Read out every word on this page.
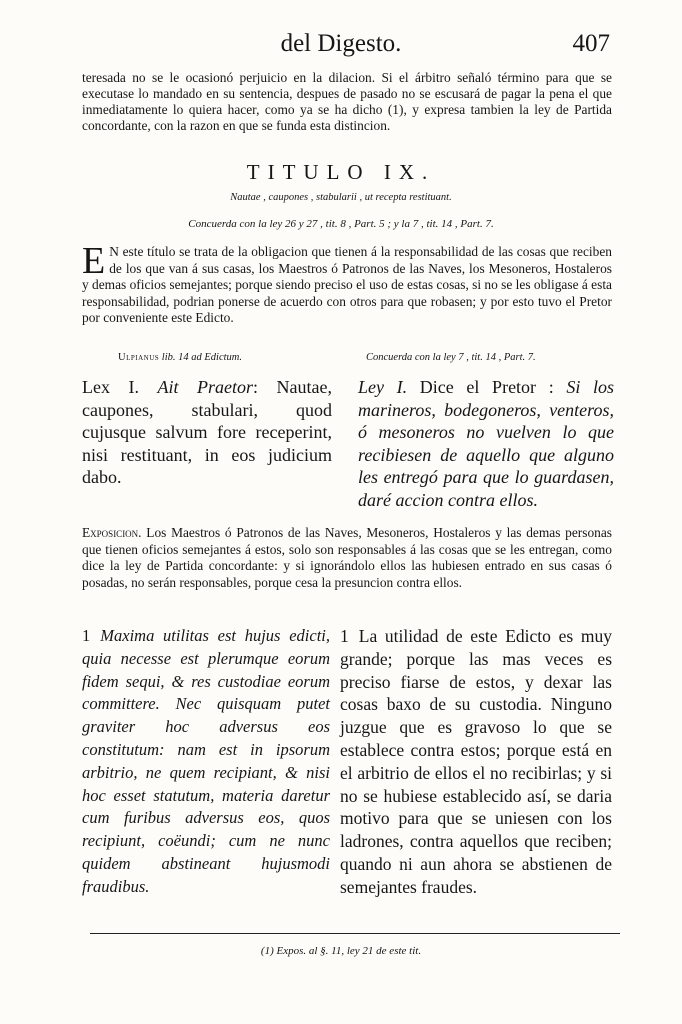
del Digesto.	407

teresada no se le ocasionó perjuicio en la dilacion. Si el árbitro señaló término para que se executase lo mandado en su sentencia, despues de pasado no se escusará de pagar la pena el que inmediatamente lo quiera hacer, como ya se ha dicho (1), y expresa tambien la ley de Partida concordante, con la razon en que se funda esta distincion.

TITULO IX.
Nautae , caupones , stabularii , ut recepta restituant.
Concuerda con la ley 26 y 27 , tit. 8 , Part. 5 ; y la 7 , tit. 14 , Part. 7.

E N este título se trata de la obligacion que tienen á la responsabilidad de las cosas que reciben de los que van á sus casas, los Maestros ó Patronos de las Naves, los Mesoneros, Hostaleros y demas oficios semejantes; porque siendo preciso el uso de estas cosas, si no se les obligase á esta responsabilidad, podrian ponerse de acuerdo con otros para que robasen; y por esto tuvo el Pretor por conveniente este Edicto.

Ulpianus lib. 14 ad Edictum.	Concuerda con la ley 7 , tit. 14 , Part. 7.

Lex I. Ait Praetor: Nautae, caupones, stabulari, quod cujusque salvum fore receperint, nisi restituant, in eos judicium dabo.

Ley I. Dice el Pretor : Si los marineros, bodegoneros, venteros, ó mesoneros no vuelven lo que recibiesen de aquello que alguno les entregó para que lo guardasen, daré accion contra ellos.

Exposicion. Los Maestros ó Patronos de las Naves, Mesoneros, Hostaleros y las demas personas que tienen oficios semejantes á estos, solo son responsables á las cosas que se les entregan, como dice la ley de Partida concordante: y si ignorándolo ellos las hubiesen entrado en sus casas ó posadas, no serán responsables, porque cesa la presuncion contra ellos.

1 Maxima utilitas est hujus edicti, quia necesse est plerumque eorum fidem sequi, & res custodiae eorum committere. Nec quisquam putet graviter hoc adversus eos constitutum: nam est in ipsorum arbitrio, ne quem recipiant, & nisi hoc esset statutum, materia daretur cum furibus adversus eos, quos recipiunt, coëundi; cum ne nunc quidem abstineant hujusmodi fraudibus.

1 La utilidad de este Edicto es muy grande; porque las mas veces es preciso fiarse de estos, y dexar las cosas baxo de su custodia. Ninguno juzgue que es gravoso lo que se establece contra estos; porque está en el arbitrio de ellos el no recibirlas; y si no se hubiese establecido así, se daria motivo para que se uniesen con los ladrones, contra aquellos que reciben; quando ni aun ahora se abstienen de semejantes fraudes.

(1) Expos. al §. 11, ley 21 de este tit.
